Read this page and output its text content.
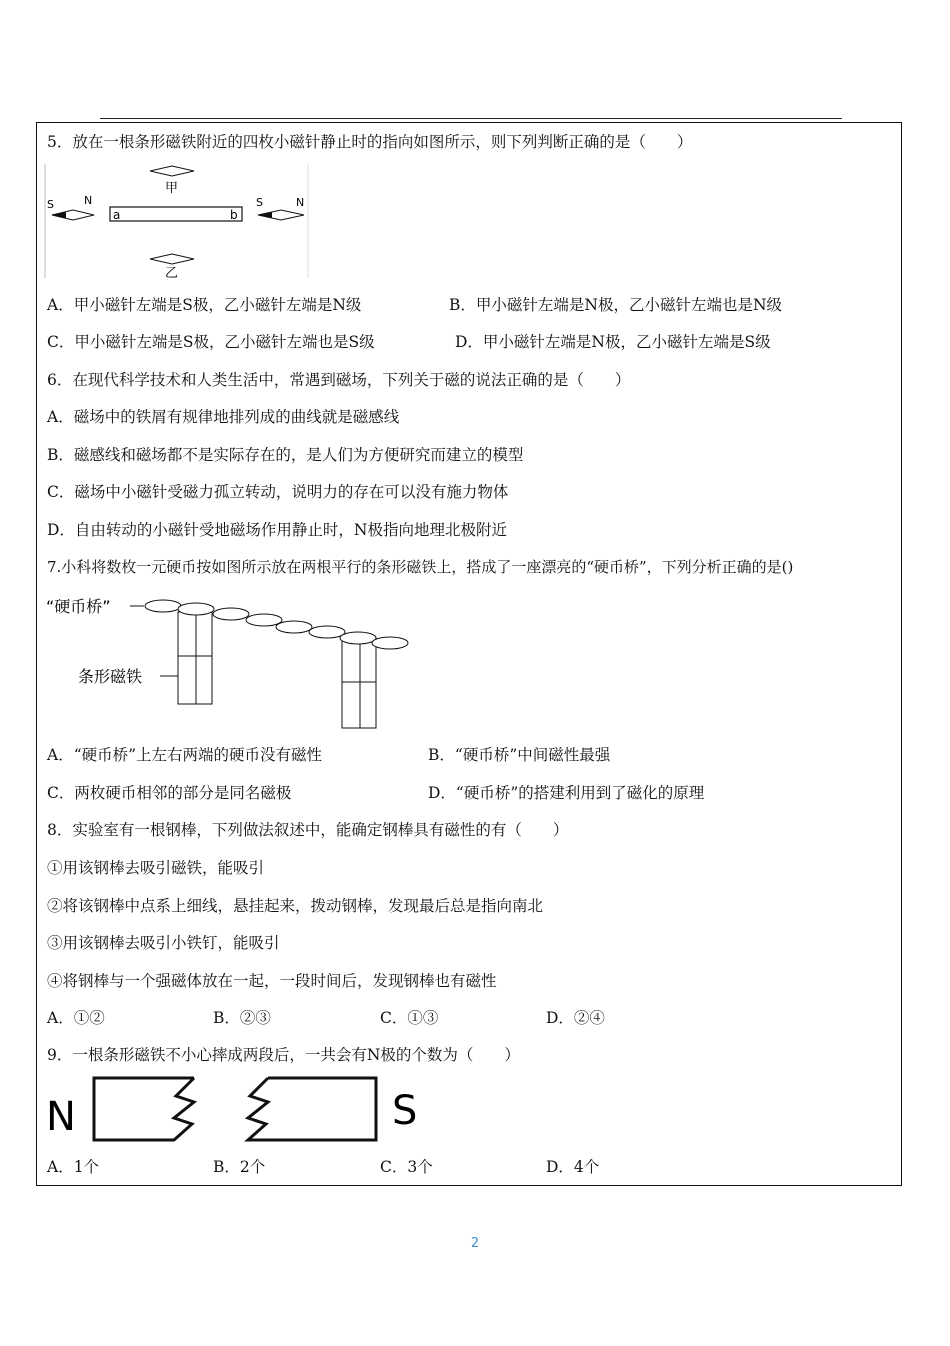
5．放在一根条形磁铁附近的四枚小磁针静止时的指向如图所示，则下列判断正确的是（　　）
a	b
甲
乙
S	N	S	N
A．甲小磁针左端是S极，乙小磁针左端是N级	B．甲小磁针左端是N极，乙小磁针左端也是N级
C．甲小磁针左端是S极，乙小磁针左端也是S级	D．甲小磁针左端是N极，乙小磁针左端是S级
6．在现代科学技术和人类生活中，常遇到磁场，下列关于磁的说法正确的是（　　）
A．磁场中的铁屑有规律地排列成的曲线就是磁感线
B．磁感线和磁场都不是实际存在的，是人们为方便研究而建立的模型
C．磁场中小磁针受磁力孤立转动，说明力的存在可以没有施力物体
D．自由转动的小磁针受地磁场作用静止时，N极指向地理北极附近
7.小科将数枚一元硬币按如图所示放在两根平行的条形磁铁上，搭成了一座漂亮的“硬币桥”，下列分析正确的是()
“硬币桥”
条形磁铁
A．“硬币桥”上左右两端的硬币没有磁性	B．“硬币桥”中间磁性最强
C．两枚硬币相邻的部分是同名磁极	D．“硬币桥”的搭建利用到了磁化的原理
8．实验室有一根钢棒，下列做法叙述中，能确定钢棒具有磁性的有（　　）
①用该钢棒去吸引磁铁，能吸引
②将该钢棒中点系上细线，悬挂起来，拨动钢棒，发现最后总是指向南北
③用该钢棒去吸引小铁钉，能吸引
④将钢棒与一个强磁体放在一起，一段时间后，发现钢棒也有磁性
A．①②	B．②③	C．①③	D．②④
9．一根条形磁铁不小心摔成两段后，一共会有N极的个数为（　　）
N	S
A．1个	B．2个	C．3个	D．4个
2
